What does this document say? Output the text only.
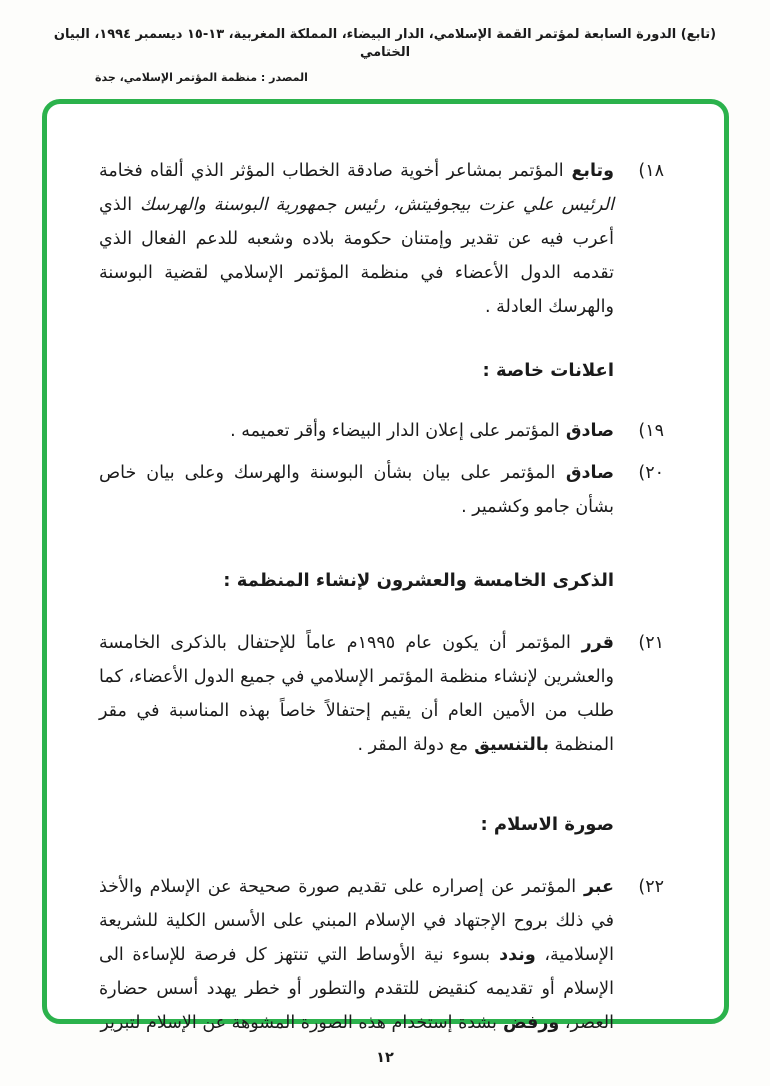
(تابع) الدورة السابعة لمؤتمر القمة الإسلامي، الدار البيضاء، المملكة المغربية، ١٣-١٥ ديسمبر ١٩٩٤، البيان الختامي
المصدر : منظمة المؤتمر الإسلامي، جدة
(١٨

وتابع المؤتمر بمشاعر أخوية صادقة الخطاب المؤثر الذي ألقاه فخامة الرئيس علي عزت بيجوفيتش، رئيس جمهورية البوسنة والهرسك الذي أعرب فيه عن تقدير وإمتنان حكومة بلاده وشعبه للدعم الفعال الذي تقدمه الدول الأعضاء في منظمة المؤتمر الإسلامي لقضية البوسنة والهرسك العادلة .

اعلانات خاصة :
(١٩

صادق المؤتمر على إعلان الدار البيضاء وأقر تعميمه .

(٢٠

صادق المؤتمر على بيان بشأن البوسنة والهرسك وعلى بيان خاص بشأن جامو وكشمير .

الذكرى الخامسة والعشرون لإنشاء المنظمة :
(٢١

قرر المؤتمر أن يكون عام ١٩٩٥م عاماً للإحتفال بالذكرى الخامسة والعشرين لإنشاء منظمة المؤتمر الإسلامي في جميع الدول الأعضاء، كما طلب من الأمين العام أن يقيم إحتفالاً خاصاً بهذه المناسبة في مقر المنظمة بالتنسيق مع دولة المقر .

صورة الاسلام :
(٢٢

عبر المؤتمر عن إصراره على تقديم صورة صحيحة عن الإسلام والأخذ في ذلك بروح الإجتهاد في الإسلام المبني على الأسس الكلية للشريعة الإسلامية، وندد بسوء نية الأوساط التي تنتهز كل فرصة للإساءة الى الإسلام أو تقديمه كنقيض للتقدم والتطور أو خطر يهدد أسس حضارة العصر، ورفض بشدة إستخدام هذه الصورة المشوهة عن الإسلام لتبرير

١٢
